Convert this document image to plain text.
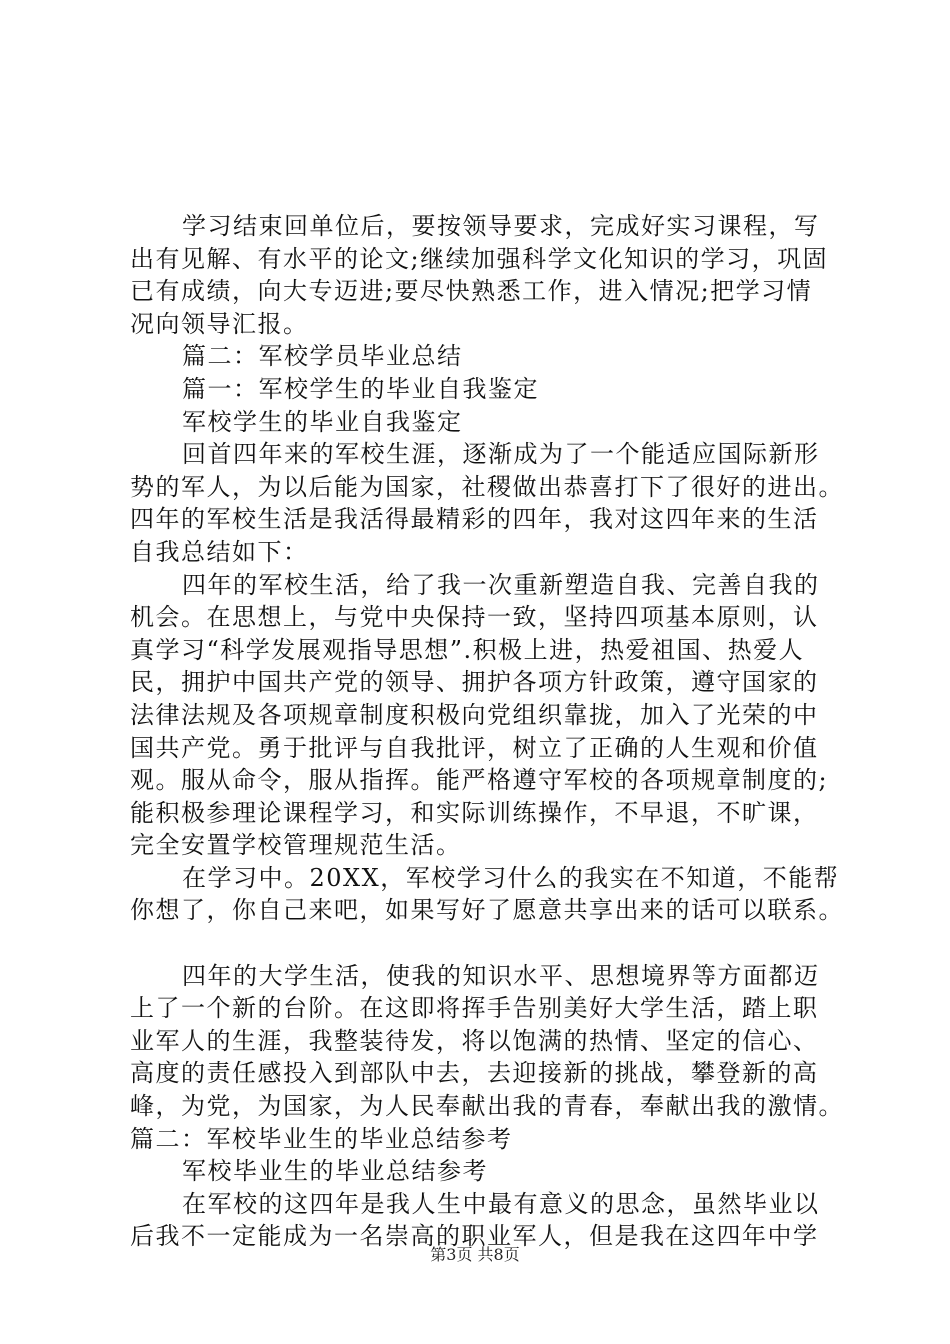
学习结束回单位后，要按领导要求，完成好实习课程，写
出有见解、有水平的论文;继续加强科学文化知识的学习，巩固
已有成绩，向大专迈进;要尽快熟悉工作，进入情况;把学习情
况向领导汇报。
篇二：军校学员毕业总结
篇一：军校学生的毕业自我鉴定
军校学生的毕业自我鉴定
回首四年来的军校生涯，逐渐成为了一个能适应国际新形
势的军人，为以后能为国家，社稷做出恭喜打下了很好的进出。
四年的军校生活是我活得最精彩的四年，我对这四年来的生活
自我总结如下：
四年的军校生活，给了我一次重新塑造自我、完善自我的
机会。在思想上，与党中央保持一致，坚持四项基本原则，认
真学习“科学发展观指导思想”.积极上进，热爱祖国、热爱人
民，拥护中国共产党的领导、拥护各项方针政策，遵守国家的
法律法规及各项规章制度积极向党组织靠拢，加入了光荣的中
国共产党。勇于批评与自我批评，树立了正确的人生观和价值
观。服从命令，服从指挥。能严格遵守军校的各项规章制度的;
能积极参理论课程学习，和实际训练操作，不早退，不旷课，
完全安置学校管理规范生活。
在学习中。20XX，军校学习什么的我实在不知道，不能帮
你想了，你自己来吧，如果写好了愿意共享出来的话可以联系。
四年的大学生活，使我的知识水平、思想境界等方面都迈
上了一个新的台阶。在这即将挥手告别美好大学生活，踏上职
业军人的生涯，我整装待发，将以饱满的热情、坚定的信心、
高度的责任感投入到部队中去，去迎接新的挑战，攀登新的高
峰，为党，为国家，为人民奉献出我的青春，奉献出我的激情。
篇二：军校毕业生的毕业总结参考
军校毕业生的毕业总结参考
在军校的这四年是我人生中最有意义的思念，虽然毕业以
后我不一定能成为一名崇高的职业军人，但是我在这四年中学
第3页 共8页
